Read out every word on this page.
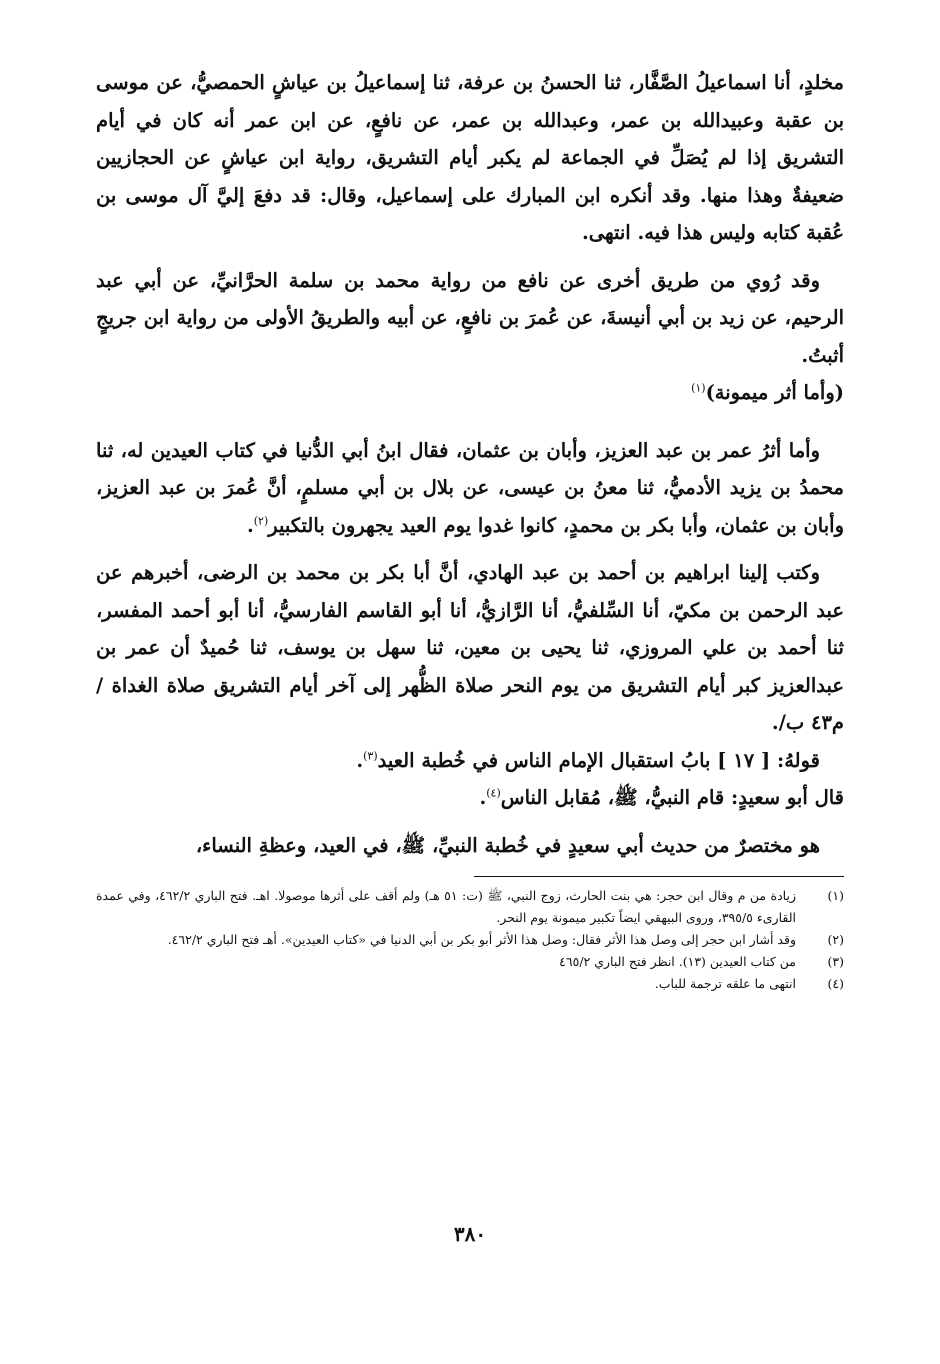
مخلدٍ، أنا اسماعيلُ الصَّفَّار، ثنا الحسنُ بن عرفة، ثنا إسماعيلُ بن عياشٍ الحمصيُّ، عن موسى بن عقبة وعبيدالله بن عمر، وعبدالله بن عمر، عن نافعٍ، عن ابن عمر أنه كان في أيام التشريق إذا لم يُصَلِّ في الجماعة لم يكبر أيام التشريق، رواية ابن عياشٍ عن الحجازيين ضعيفةٌ وهذا منها. وقد أنكره ابن المبارك على إسماعيل، وقال: قد دفعَ إليَّ آل موسى بن عُقبة كتابه وليس هذا فيه. انتهى.

وقد رُوي من طريق أخرى عن نافع من رواية محمد بن سلمة الحرَّانيِّ، عن أبي عبد الرحيم، عن زيد بن أبي أنيسةَ، عن عُمرَ بن نافعٍ، عن أبيه والطريقُ الأولى من رواية ابن جريجٍ أثبتُ.

(وأما أثر ميمونة)$^{(١)}$

وأما أثرُ عمر بن عبد العزيز، وأبان بن عثمان، فقال ابنُ أبي الدُّنيا في كتاب العيدين له، ثنا محمدُ بن يزيد الأدميُّ، ثنا معنُ بن عيسى، عن بلال بن أبي مسلمٍ، أنَّ عُمرَ بن عبد العزيز، وأبان بن عثمان، وأبا بكر بن محمدٍ، كانوا غدوا يوم العيد يجهرون بالتكبير$^{(٢)}$.

وكتب إلينا ابراهيم بن أحمد بن عبد الهادي، أنَّ أبا بكر بن محمد بن الرضى، أخبرهم عن عبد الرحمن بن مكيّ، أنا السِّلفيُّ، أنا الرَّازيُّ، أنا أبو القاسم الفارسيُّ، أنا أبو أحمد المفسر، ثنا أحمد بن علي المروزي، ثنا يحيى بن معين، ثنا سهل بن يوسف، ثنا حُميدٌ أن عمر بن عبدالعزيز كبر أيام التشريق من يوم النحر صلاة الظُّهر إلى آخر أيام التشريق صلاة الغداة /م٤٣ ب/.

قولهُ: [ ١٧ ] بابُ استقبال الإمام الناس في خُطبة العيد$^{(٣)}$.

قال أبو سعيدٍ: قام النبيُّ، ﷺ، مُقابل الناس$^{(٤)}$.

هو مختصرٌ من حديث أبي سعيدٍ في خُطبة النبيِّ، ﷺ، في العيد، وعظةِ النساء،

(١)
زيادة من م وقال ابن حجر: هي بنت الحارث، زوج النبي، ﷺ (ت: ٥١ هـ) ولم أقف على أثرها موصولا. اهـ. فتح الباري ٤٦٢/٢، وفي عمدة القارىء ٣٩٥/٥، وروى البيهقي ايضاً تكبير ميمونة يوم النحر.
(٢)
وقد أشار ابن حجر إلى وصل هذا الأثر فقال: وصل هذا الأثر أبو بكر بن أبي الدنيا في «كتاب العيدين». أهـ فتح الباري ٤٦٢/٢.
(٣)
من كتاب العيدين (١٣). انظر فتح الباري ٤٦٥/٢
(٤)
انتهى ما علقه ترجمة للباب.
٣٨٠
